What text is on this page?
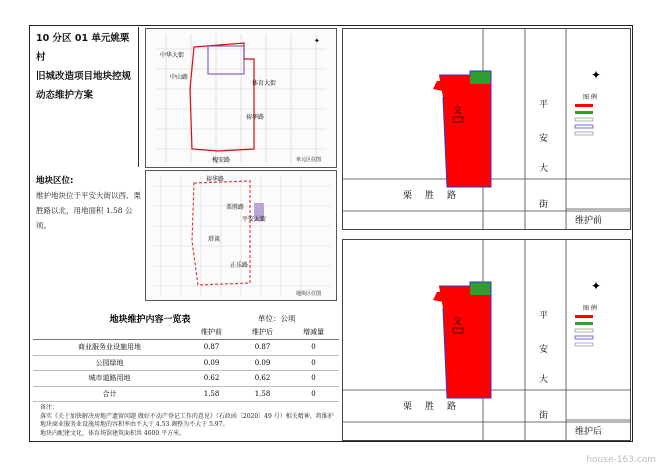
10 分区 01 单元姚栗村
旧城改造项目地块控规
动态维护方案
中华大街
中山路
体育大街
裕华路
槐安路	单元区位图
✦
地块区位:
维护地块位于平安大街以西、栗胜路以北，用地面积 1.58 公顷。
裕华路
平安大街
栗胜路
塔谈
正乐路
地块区位图
地块维护内容一览表	单位：公顷
	维护前	维护后	增减量
商业服务业设施用地	0.87	0.87	0
公园绿地	0.09	0.09	0
城市道路用地	0.62	0.62	0
合计	1.58	1.58	0
备注：
落实《关于加快解决房地产遗留问题 做好不动产登记工作的意见》（石政函〔2020〕49 号）相关精神，将维护地块商业服务业设施用地的容积率由不大于 4.53 调整为不大于 5.97。
地块内配建文化、体育场馆建筑面积共 4600 平方米。
文
平
安
大
街
栗 胜 路
✦
图 例
维护前
文
平
安
大
街
栗 胜 路
✦
图 例
维护后
house-163.com
